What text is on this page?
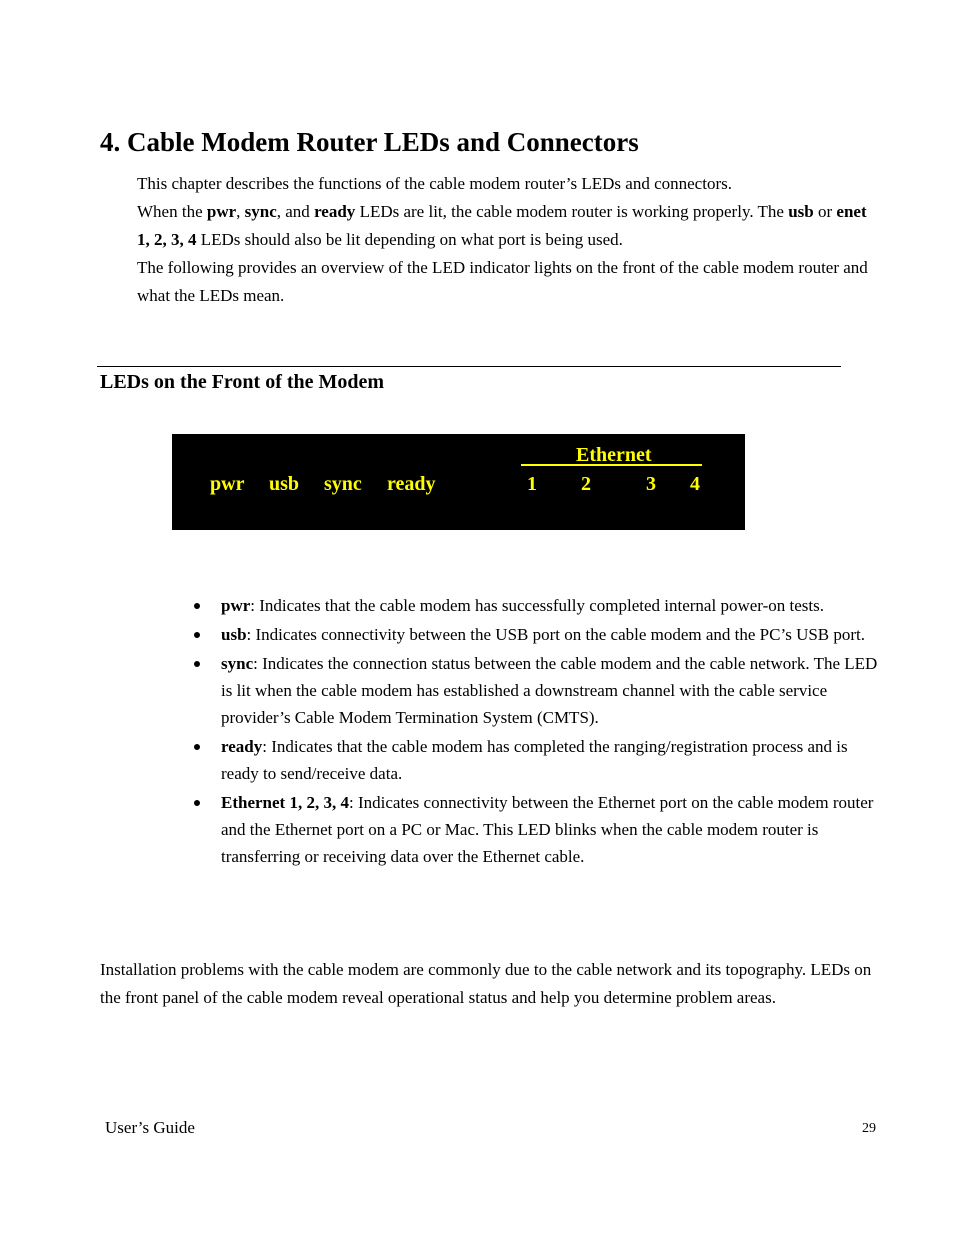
4. Cable Modem Router LEDs and Connectors

This chapter describes the functions of the cable modem router’s LEDs and connectors.

When the pwr, sync, and ready LEDs are lit, the cable modem router is working properly. The usb or enet 1, 2, 3, 4 LEDs should also be lit depending on what port is being used.

The following provides an overview of the LED indicator lights on the front of the cable modem router and what the LEDs mean.

LEDs on the Front of the Modem
Ethernet
pwr usb sync ready	1 2	3 4
pwr: Indicates that the cable modem has successfully completed internal power-on tests.
usb: Indicates connectivity between the USB port on the cable modem and the PC’s USB port.
sync: Indicates the connection status between the cable modem and the cable network. The LED is lit when the cable modem has established a downstream channel with the cable service provider’s Cable Modem Termination System (CMTS).
ready: Indicates that the cable modem has completed the ranging/registration process and is ready to send/receive data.
Ethernet 1, 2, 3, 4: Indicates connectivity between the Ethernet port on the cable modem router and the Ethernet port on a PC or Mac. This LED blinks when the cable modem router is transferring or receiving data over the Ethernet cable.

Installation problems with the cable modem are commonly due to the cable network and its topography. LEDs on the front panel of the cable modem reveal operational status and help you determine problem areas.

User’s Guide	29
